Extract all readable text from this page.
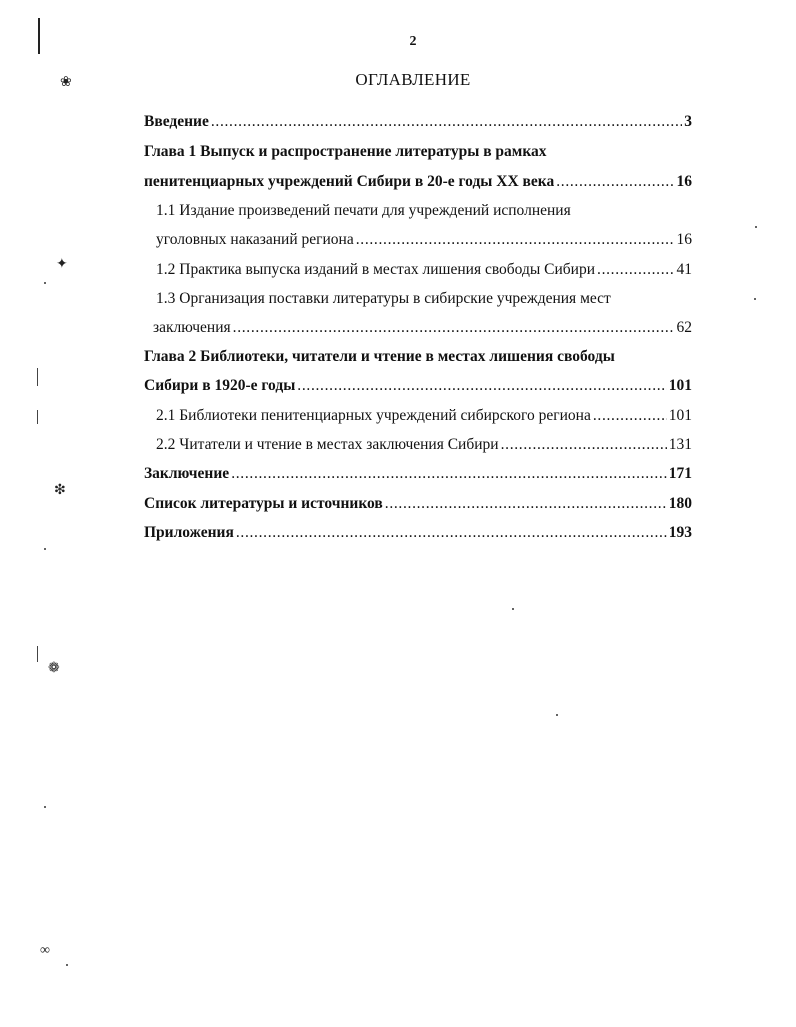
❀
✦
❇
❁
∞
2
ОГЛАВЛЕНИЕ
Введение . . .	3
Глава 1 Выпуск и распространение литературы в рамках
пенитенциарных учреждений Сибири в 20-е годы XX века . . .	16
1.1 Издание произведений печати для учреждений исполнения
уголовных наказаний региона . . .	16
1.2 Практика выпуска изданий в местах лишения свободы Сибири . . .	41
1.3 Организация поставки литературы в сибирские учреждения мест
заключения . . .	62
Глава 2 Библиотеки, читатели и чтение в местах лишения свободы
Сибири в 1920-е годы . . .	101
2.1 Библиотеки пенитенциарных учреждений сибирского региона . . .	101
2.2 Читатели и чтение в местах заключения Сибири . . .	131
Заключение . . .	171
Список литературы и источников . . .	180
Приложения . . .	193
